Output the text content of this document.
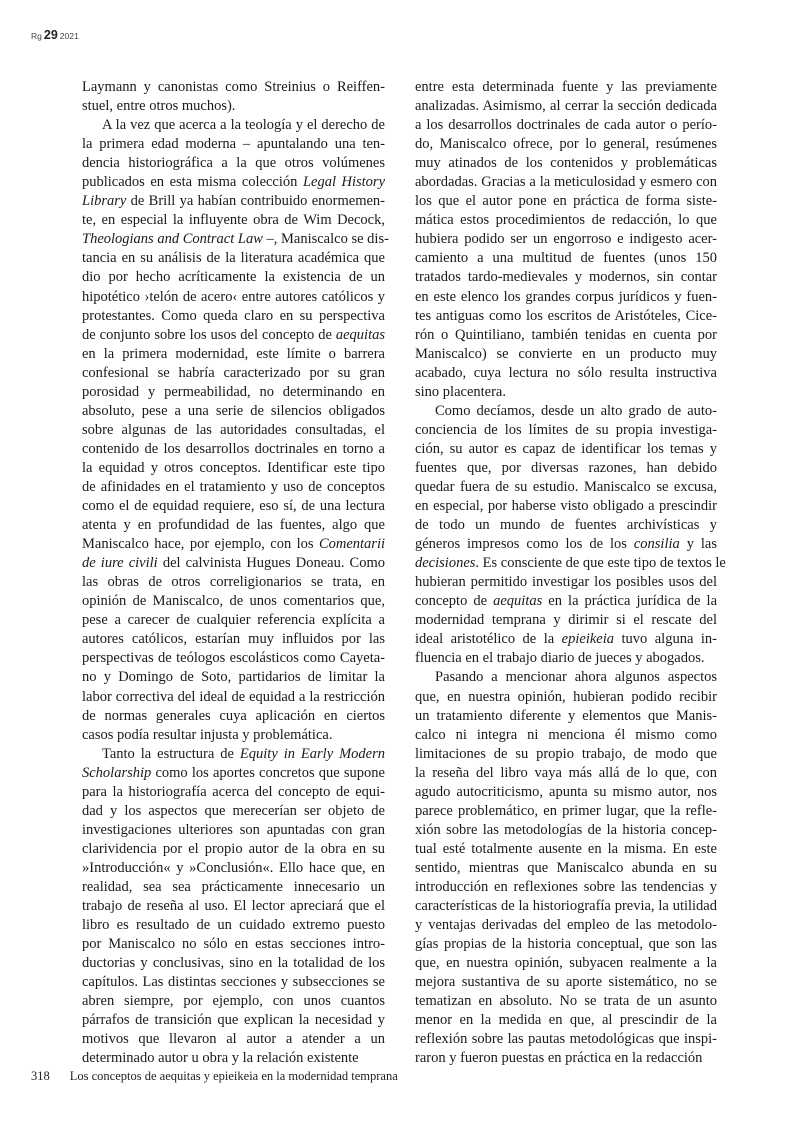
Rg 29 2021
Laymann y canonistas como Streinius o Reiffen-
stuel, entre otros muchos).
A la vez que acerca a la teología y el derecho de
la primera edad moderna – apuntalando una ten-
dencia historiográfica a la que otros volúmenes
publicados en esta misma colección Legal History
Library de Brill ya habían contribuido enormemen-
te, en especial la influyente obra de Wim Decock,
Theologians and Contract Law –, Maniscalco se dis-
tancia en su análisis de la literatura académica que
dio por hecho acríticamente la existencia de un
hipotético ›telón de acero‹ entre autores católicos y
protestantes. Como queda claro en su perspectiva
de conjunto sobre los usos del concepto de aequitas
en la primera modernidad, este límite o barrera
confesional se habría caracterizado por su gran
porosidad y permeabilidad, no determinando en
absoluto, pese a una serie de silencios obligados
sobre algunas de las autoridades consultadas, el
contenido de los desarrollos doctrinales en torno a
la equidad y otros conceptos. Identificar este tipo
de afinidades en el tratamiento y uso de conceptos
como el de equidad requiere, eso sí, de una lectura
atenta y en profundidad de las fuentes, algo que
Maniscalco hace, por ejemplo, con los Comentarii
de iure civili del calvinista Hugues Doneau. Como
las obras de otros correligionarios se trata, en
opinión de Maniscalco, de unos comentarios que,
pese a carecer de cualquier referencia explícita a
autores católicos, estarían muy influidos por las
perspectivas de teólogos escolásticos como Cayeta-
no y Domingo de Soto, partidarios de limitar la
labor correctiva del ideal de equidad a la restricción
de normas generales cuya aplicación en ciertos
casos podía resultar injusta y problemática.
Tanto la estructura de Equity in Early Modern
Scholarship como los aportes concretos que supone
para la historiografía acerca del concepto de equi-
dad y los aspectos que merecerían ser objeto de
investigaciones ulteriores son apuntadas con gran
clarividencia por el propio autor de la obra en su
»Introducción« y »Conclusión«. Ello hace que, en
realidad, sea sea prácticamente innecesario un
trabajo de reseña al uso. El lector apreciará que el
libro es resultado de un cuidado extremo puesto
por Maniscalco no sólo en estas secciones intro-
ductorias y conclusivas, sino en la totalidad de los
capítulos. Las distintas secciones y subsecciones se
abren siempre, por ejemplo, con unos cuantos
párrafos de transición que explican la necesidad y
motivos que llevaron al autor a atender a un
determinado autor u obra y la relación existente
entre esta determinada fuente y las previamente
analizadas. Asimismo, al cerrar la sección dedicada
a los desarrollos doctrinales de cada autor o perío-
do, Maniscalco ofrece, por lo general, resúmenes
muy atinados de los contenidos y problemáticas
abordadas. Gracias a la meticulosidad y esmero con
los que el autor pone en práctica de forma siste-
mática estos procedimientos de redacción, lo que
hubiera podido ser un engorroso e indigesto acer-
camiento a una multitud de fuentes (unos 150
tratados tardo-medievales y modernos, sin contar
en este elenco los grandes corpus jurídicos y fuen-
tes antiguas como los escritos de Aristóteles, Cice-
rón o Quintiliano, también tenidas en cuenta por
Maniscalco) se convierte en un producto muy
acabado, cuya lectura no sólo resulta instructiva
sino placentera.
Como decíamos, desde un alto grado de auto-
conciencia de los límites de su propia investiga-
ción, su autor es capaz de identificar los temas y
fuentes que, por diversas razones, han debido
quedar fuera de su estudio. Maniscalco se excusa,
en especial, por haberse visto obligado a prescindir
de todo un mundo de fuentes archivísticas y
géneros impresos como los de los consilia y las
decisiones. Es consciente de que este tipo de textos le
hubieran permitido investigar los posibles usos del
concepto de aequitas en la práctica jurídica de la
modernidad temprana y dirimir si el rescate del
ideal aristotélico de la epieikeia tuvo alguna in-
fluencia en el trabajo diario de jueces y abogados.
Pasando a mencionar ahora algunos aspectos
que, en nuestra opinión, hubieran podido recibir
un tratamiento diferente y elementos que Manis-
calco ni integra ni menciona él mismo como
limitaciones de su propio trabajo, de modo que
la reseña del libro vaya más allá de lo que, con
agudo autocriticismo, apunta su mismo autor, nos
parece problemático, en primer lugar, que la refle-
xión sobre las metodologías de la historia concep-
tual esté totalmente ausente en la misma. En este
sentido, mientras que Maniscalco abunda en su
introducción en reflexiones sobre las tendencias y
características de la historiografía previa, la utilidad
y ventajas derivadas del empleo de las metodolo-
gías propias de la historia conceptual, que son las
que, en nuestra opinión, subyacen realmente a la
mejora sustantiva de su aporte sistemático, no se
tematizan en absoluto. No se trata de un asunto
menor en la medida en que, al prescindir de la
reflexión sobre las pautas metodológicas que inspi-
raron y fueron puestas en práctica en la redacción
318 Los conceptos de aequitas y epieikeia en la modernidad temprana
